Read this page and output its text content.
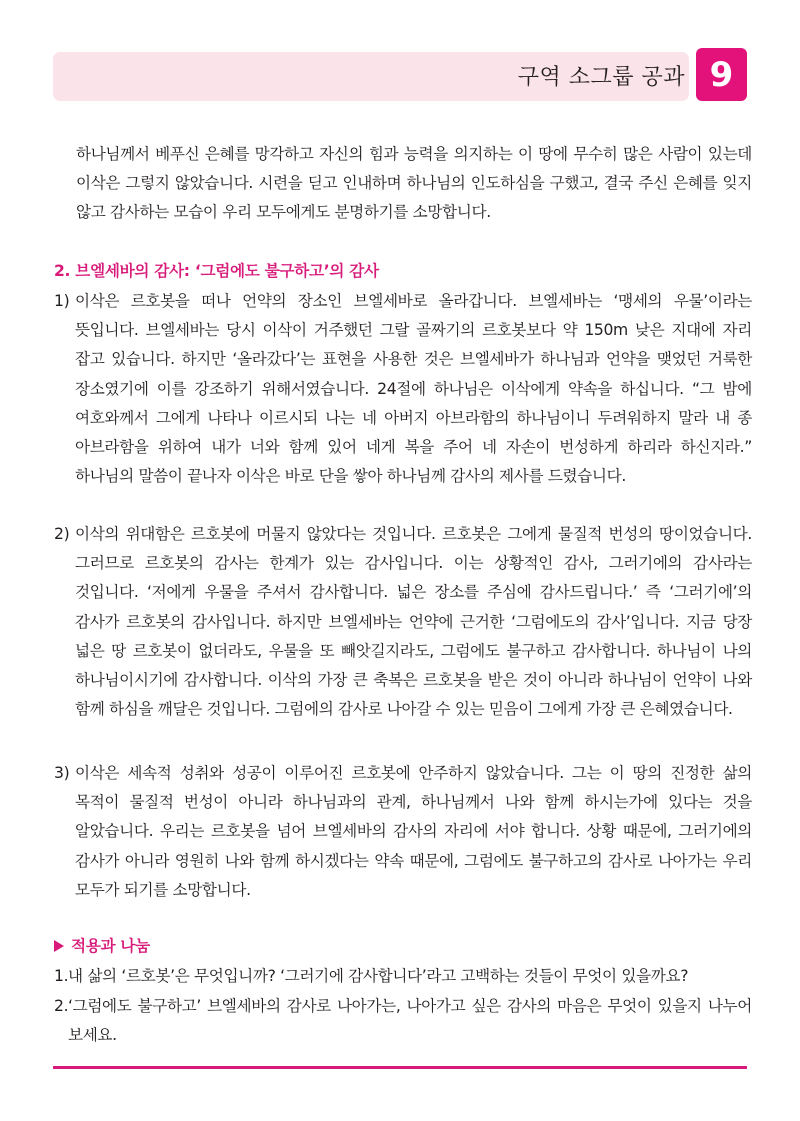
구역 소그룹 공과 9

하나님께서 베푸신 은혜를 망각하고 자신의 힘과 능력을 의지하는 이 땅에 무수히 많은 사람이 있는데 이삭은 그렇지 않았습니다. 시련을 딛고 인내하며 하나님의 인도하심을 구했고, 결국 주신 은혜를 잊지 않고 감사하는 모습이 우리 모두에게도 분명하기를 소망합니다.

2. 브엘세바의 감사: ‘그럼에도 불구하고’의 감사
1) 이삭은 르호봇을 떠나 언약의 장소인 브엘세바로 올라갑니다. 브엘세바는 ‘맹세의 우물’이라는 뜻입니다. 브엘세바는 당시 이삭이 거주했던 그랄 골짜기의 르호봇보다 약 150m 낮은 지대에 자리 잡고 있습니다. 하지만 ‘올라갔다’는 표현을 사용한 것은 브엘세바가 하나님과 언약을 맺었던 거룩한 장소였기에 이를 강조하기 위해서였습니다. 24절에 하나님은 이삭에게 약속을 하십니다. “그 밤에 여호와께서 그에게 나타나 이르시되 나는 네 아버지 아브라함의 하나님이니 두려워하지 말라 내 종 아브라함을 위하여 내가 너와 함께 있어 네게 복을 주어 네 자손이 번성하게 하리라 하신지라.” 하나님의 말씀이 끝나자 이삭은 바로 단을 쌓아 하나님께 감사의 제사를 드렸습니다.
2) 이삭의 위대함은 르호봇에 머물지 않았다는 것입니다. 르호봇은 그에게 물질적 번성의 땅이었습니다. 그러므로 르호봇의 감사는 한계가 있는 감사입니다. 이는 상황적인 감사, 그러기에의 감사라는 것입니다. ‘저에게 우물을 주셔서 감사합니다. 넓은 장소를 주심에 감사드립니다.’ 즉 ‘그러기에’의 감사가 르호봇의 감사입니다. 하지만 브엘세바는 언약에 근거한 ‘그럼에도의 감사’입니다. 지금 당장 넓은 땅 르호봇이 없더라도, 우물을 또 빼앗길지라도, 그럼에도 불구하고 감사합니다. 하나님이 나의 하나님이시기에 감사합니다. 이삭의 가장 큰 축복은 르호봇을 받은 것이 아니라 하나님이 언약이 나와 함께 하심을 깨달은 것입니다. 그럼에의 감사로 나아갈 수 있는 믿음이 그에게 가장 큰 은혜였습니다.
3) 이삭은 세속적 성취와 성공이 이루어진 르호봇에 안주하지 않았습니다. 그는 이 땅의 진정한 삶의 목적이 물질적 번성이 아니라 하나님과의 관계, 하나님께서 나와 함께 하시는가에 있다는 것을 알았습니다. 우리는 르호봇을 넘어 브엘세바의 감사의 자리에 서야 합니다. 상황 때문에, 그러기에의 감사가 아니라 영원히 나와 함께 하시겠다는 약속 때문에, 그럼에도 불구하고의 감사로 나아가는 우리 모두가 되기를 소망합니다.
적용과 나눔
1. 내 삶의 ‘르호봇’은 무엇입니까? ‘그러기에 감사합니다’라고 고백하는 것들이 무엇이 있을까요?
2. ‘그럼에도 불구하고’ 브엘세바의 감사로 나아가는, 나아가고 싶은 감사의 마음은 무엇이 있을지 나누어 보세요.
